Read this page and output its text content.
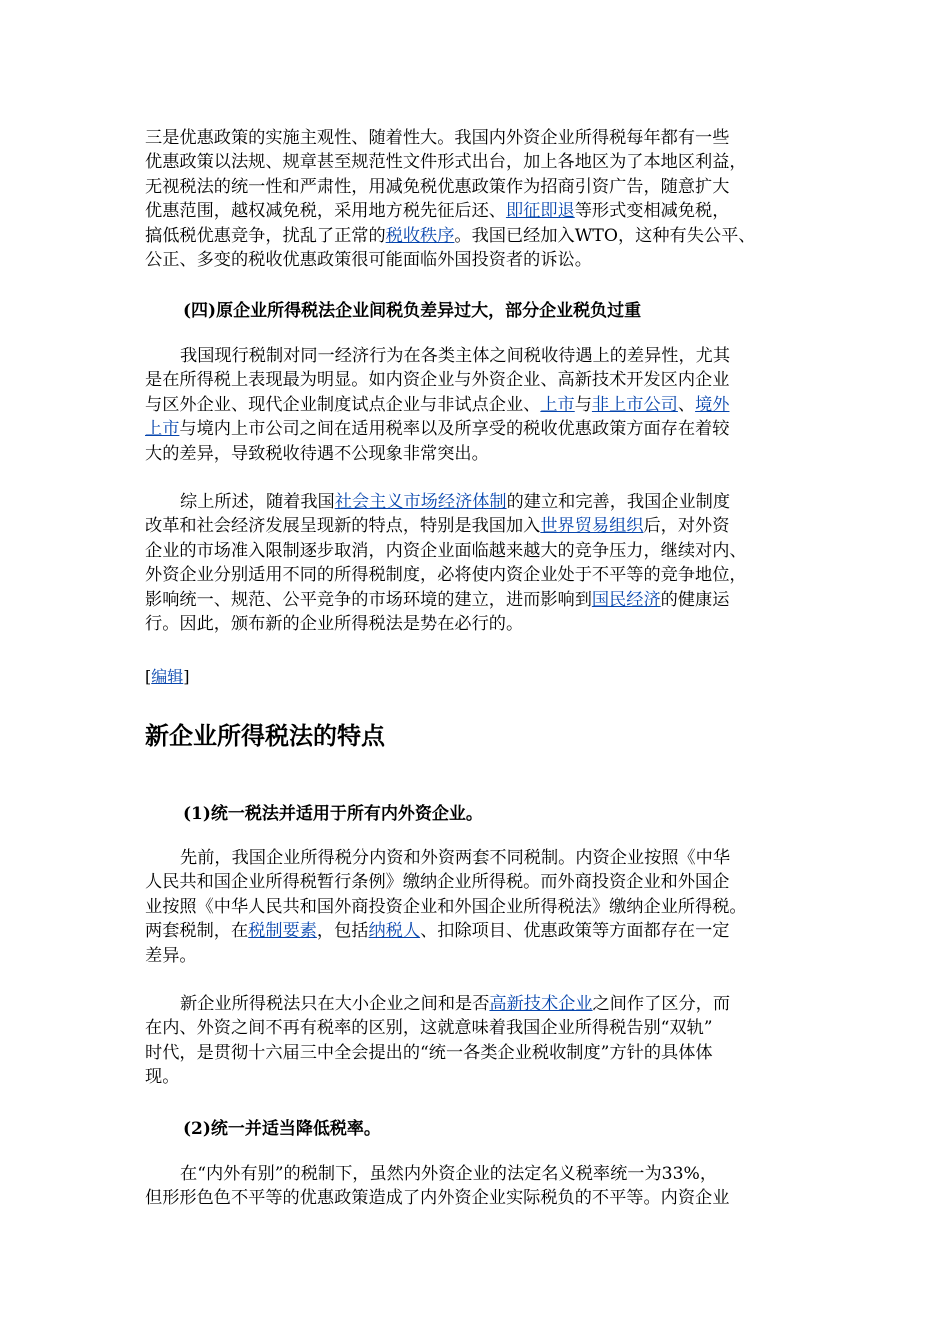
三是优惠政策的实施主观性、随着性大。我国内外资企业所得税每年都有一些
优惠政策以法规、规章甚至规范性文件形式出台，加上各地区为了本地区利益，
无视税法的统一性和严肃性，用减免税优惠政策作为招商引资广告，随意扩大
优惠范围，越权减免税，采用地方税先征后还、即征即退等形式变相减免税，
搞低税优惠竞争，扰乱了正常的税收秩序。我国已经加入WTO，这种有失公平、
公正、多变的税收优惠政策很可能面临外国投资者的诉讼。

(四)原企业所得税法企业间税负差异过大，部分企业税负过重

我国现行税制对同一经济行为在各类主体之间税收待遇上的差异性，尤其
是在所得税上表现最为明显。如内资企业与外资企业、高新技术开发区内企业
与区外企业、现代企业制度试点企业与非试点企业、上市与非上市公司、境外
上市与境内上市公司之间在适用税率以及所享受的税收优惠政策方面存在着较
大的差异，导致税收待遇不公现象非常突出。
综上所述，随着我国社会主义市场经济体制的建立和完善，我国企业制度
改革和社会经济发展呈现新的特点，特别是我国加入世界贸易组织后，对外资
企业的市场准入限制逐步取消，内资企业面临越来越大的竞争压力，继续对内、
外资企业分别适用不同的所得税制度，必将使内资企业处于不平等的竞争地位，
影响统一、规范、公平竞争的市场环境的建立，进而影响到国民经济的健康运
行。因此，颁布新的企业所得税法是势在必行的。
[编辑]
新企业所得税法的特点

(1)统一税法并适用于所有内外资企业。

先前，我国企业所得税分内资和外资两套不同税制。内资企业按照《中华
人民共和国企业所得税暂行条例》缴纳企业所得税。而外商投资企业和外国企
业按照《中华人民共和国外商投资企业和外国企业所得税法》缴纳企业所得税。
两套税制，在税制要素，包括纳税人、扣除项目、优惠政策等方面都存在一定
差异。
新企业所得税法只在大小企业之间和是否高新技术企业之间作了区分，而
在内、外资之间不再有税率的区别，这就意味着我国企业所得税告别“双轨”
时代，是贯彻十六届三中全会提出的“统一各类企业税收制度”方针的具体体
现。

(2)统一并适当降低税率。

在“内外有别”的税制下，虽然内外资企业的法定名义税率统一为33%，
但形形色色不平等的优惠政策造成了内外资企业实际税负的不平等。内资企业
